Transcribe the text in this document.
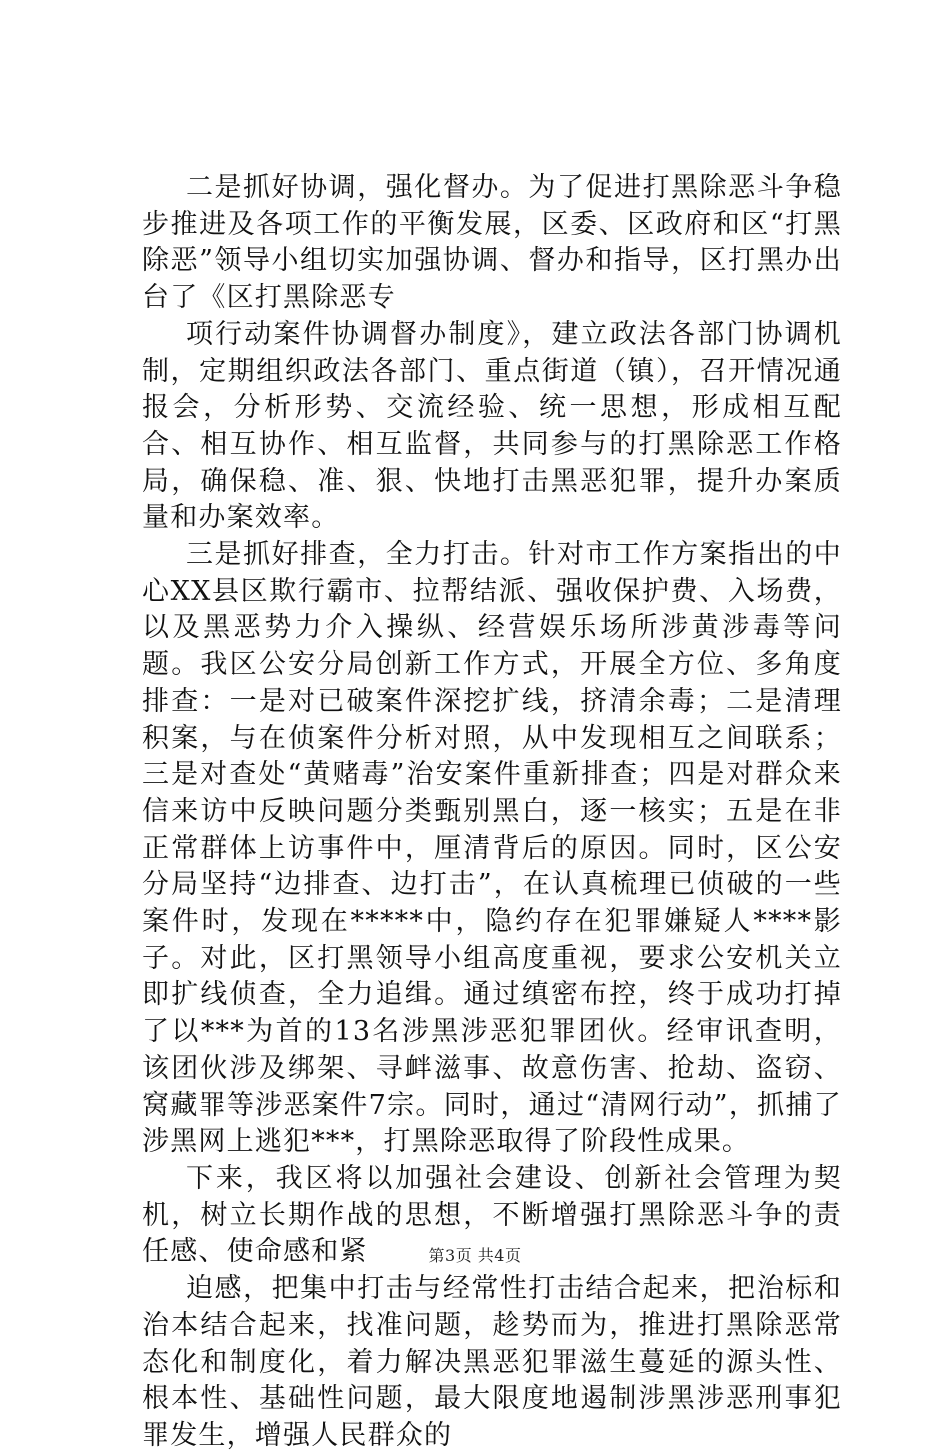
二是抓好协调，强化督办。为了促进打黑除恶斗争稳步推进及各项工作的平衡发展，区委、区政府和区“打黑除恶”领导小组切实加强协调、督办和指导，区打黑办出台了《区打黑除恶专

项行动案件协调督办制度》，建立政法各部门协调机制，定期组织政法各部门、重点街道（镇），召开情况通报会，分析形势、交流经验、统一思想，形成相互配合、相互协作、相互监督，共同参与的打黑除恶工作格局，确保稳、准、狠、快地打击黑恶犯罪，提升办案质量和办案效率。

三是抓好排查，全力打击。针对市工作方案指出的中心XX县区欺行霸市、拉帮结派、强收保护费、入场费，以及黑恶势力介入操纵、经营娱乐场所涉黄涉毒等问题。我区公安分局创新工作方式，开展全方位、多角度排查：一是对已破案件深挖扩线，挤清余毒；二是清理积案，与在侦案件分析对照，从中发现相互之间联系；三是对查处“黄赌毒”治安案件重新排查；四是对群众来信来访中反映问题分类甄别黑白，逐一核实；五是在非正常群体上访事件中，厘清背后的原因。同时，区公安分局坚持“边排查、边打击”，在认真梳理已侦破的一些案件时，发现在*****中，隐约存在犯罪嫌疑人****影子。对此，区打黑领导小组高度重视，要求公安机关立即扩线侦查，全力追缉。通过缜密布控，终于成功打掉了以***为首的13名涉黑涉恶犯罪团伙。经审讯查明，该团伙涉及绑架、寻衅滋事、故意伤害、抢劫、盗窃、窝藏罪等涉恶案件7宗。同时，通过“清网行动”，抓捕了涉黑网上逃犯***，打黑除恶取得了阶段性成果。

下来，我区将以加强社会建设、创新社会管理为契机，树立长期作战的思想，不断增强打黑除恶斗争的责任感、使命感和紧

迫感，把集中打击与经常性打击结合起来，把治标和治本结合起来，找准问题，趁势而为，推进打黑除恶常态化和制度化，着力解决黑恶犯罪滋生蔓延的源头性、根本性、基础性问题，最大限度地遏制涉黑涉恶刑事犯罪发生，增强人民群众的

第3页 共4页
